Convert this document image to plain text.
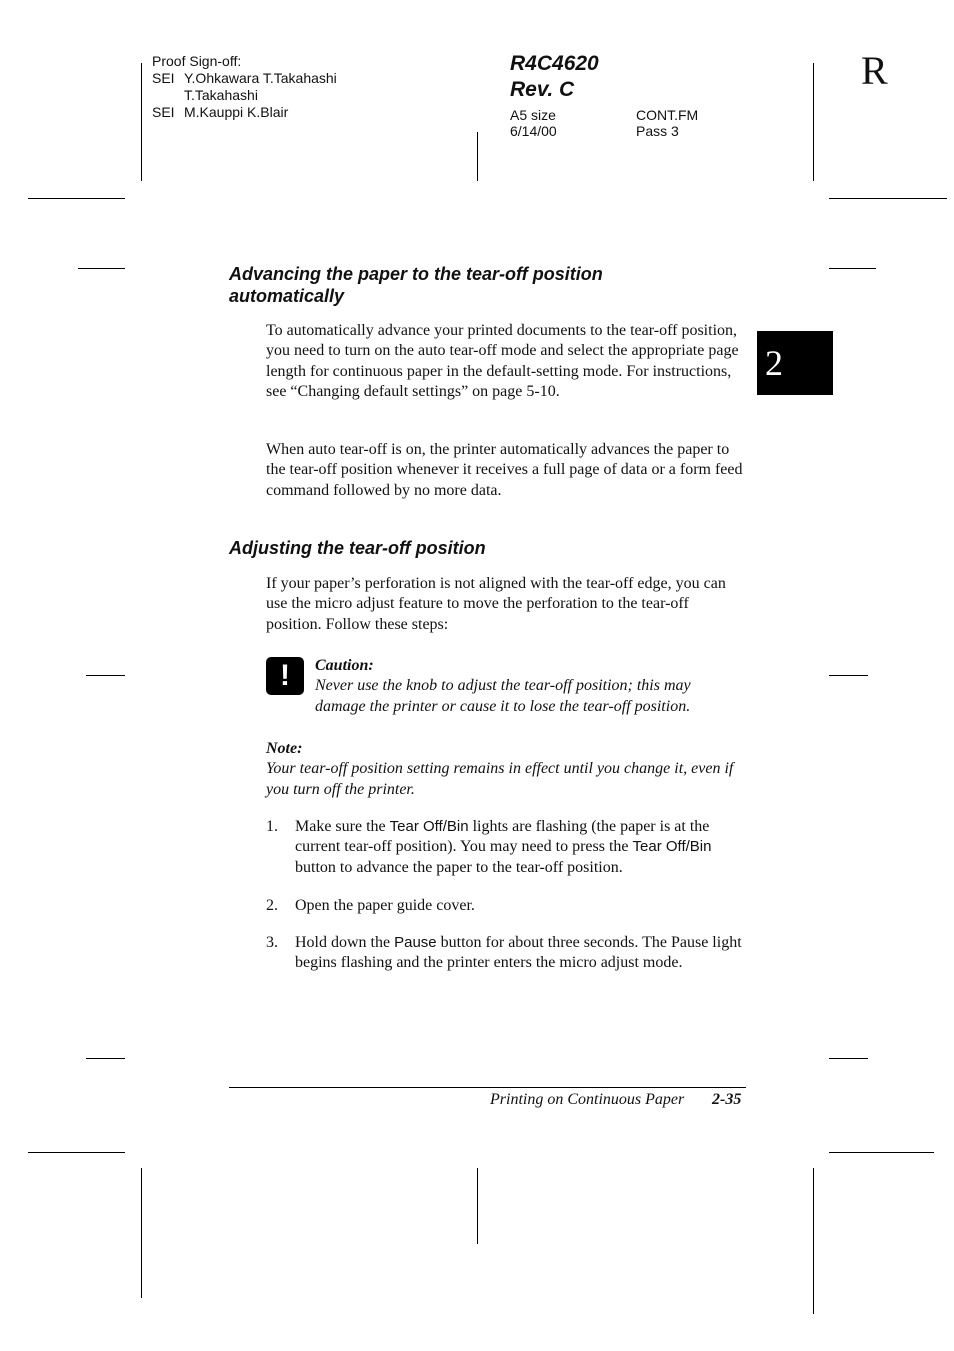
Proof Sign-off:
SEI Y.Ohkawara T.Takahashi
T.Takahashi
SEI M.Kauppi K.Blair
R4C4620
Rev. C
A5 size
6/14/00
CONT.FM
Pass 3
R
2
Advancing the paper to the tear-off position automatically
To automatically advance your printed documents to the tear-off position, you need to turn on the auto tear-off mode and select the appropriate page length for continuous paper in the default-setting mode. For instructions, see “Changing default settings” on page 5-10.
When auto tear-off is on, the printer automatically advances the paper to the tear-off position whenever it receives a full page of data or a form feed command followed by no more data.
Adjusting the tear-off position
If your paper’s perforation is not aligned with the tear-off edge, you can use the micro adjust feature to move the perforation to the tear-off position. Follow these steps:
!	Caution:
Never use the knob to adjust the tear-off position; this may damage the printer or cause it to lose the tear-off position.
Note:
Your tear-off position setting remains in effect until you change it, even if you turn off the printer.
1. Make sure the Tear Off/Bin lights are flashing (the paper is at the current tear-off position). You may need to press the Tear Off/Bin button to advance the paper to the tear-off position.
2. Open the paper guide cover.
3. Hold down the Pause button for about three seconds. The Pause light begins flashing and the printer enters the micro adjust mode.
Printing on Continuous Paper 2-35
